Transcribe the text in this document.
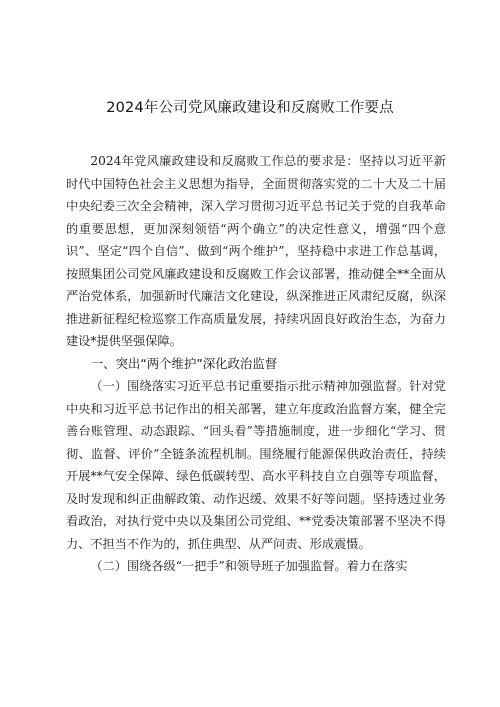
2024年公司党风廉政建设和反腐败工作要点

2024年党风廉政建设和反腐败工作总的要求是：坚持以习近平新时代中国特色社会主义思想为指导，全面贯彻落实党的二十大及二十届中央纪委三次全会精神，深入学习贯彻习近平总书记关于党的自我革命的重要思想，更加深刻领悟“两个确立”的决定性意义，增强“四个意识”、坚定“四个自信”、做到“两个维护”，坚持稳中求进工作总基调，按照集团公司党风廉政建设和反腐败工作会议部署，推动健全**全面从严治党体系，加强新时代廉洁文化建设，纵深推进正风肃纪反腐，纵深推进新征程纪检巡察工作高质量发展，持续巩固良好政治生态，为奋力建设*提供坚强保障。

一、突出“两个维护”深化政治监督

（一）围绕落实习近平总书记重要指示批示精神加强监督。针对党中央和习近平总书记作出的相关部署，建立年度政治监督方案，健全完善台账管理、动态跟踪、“回头看”等措施制度，进一步细化“学习、贯彻、监督、评价”全链条流程机制。围绕履行能源保供政治责任，持续开展**气安全保障、绿色低碳转型、高水平科技自立自强等专项监督，及时发现和纠正曲解政策、动作迟缓、效果不好等问题。坚持透过业务看政治，对执行党中央以及集团公司党组、**党委决策部署不坚决不得力、不担当不作为的，抓住典型、从严问责、形成震慑。

（二）围绕各级“一把手”和领导班子加强监督。着力在落实
